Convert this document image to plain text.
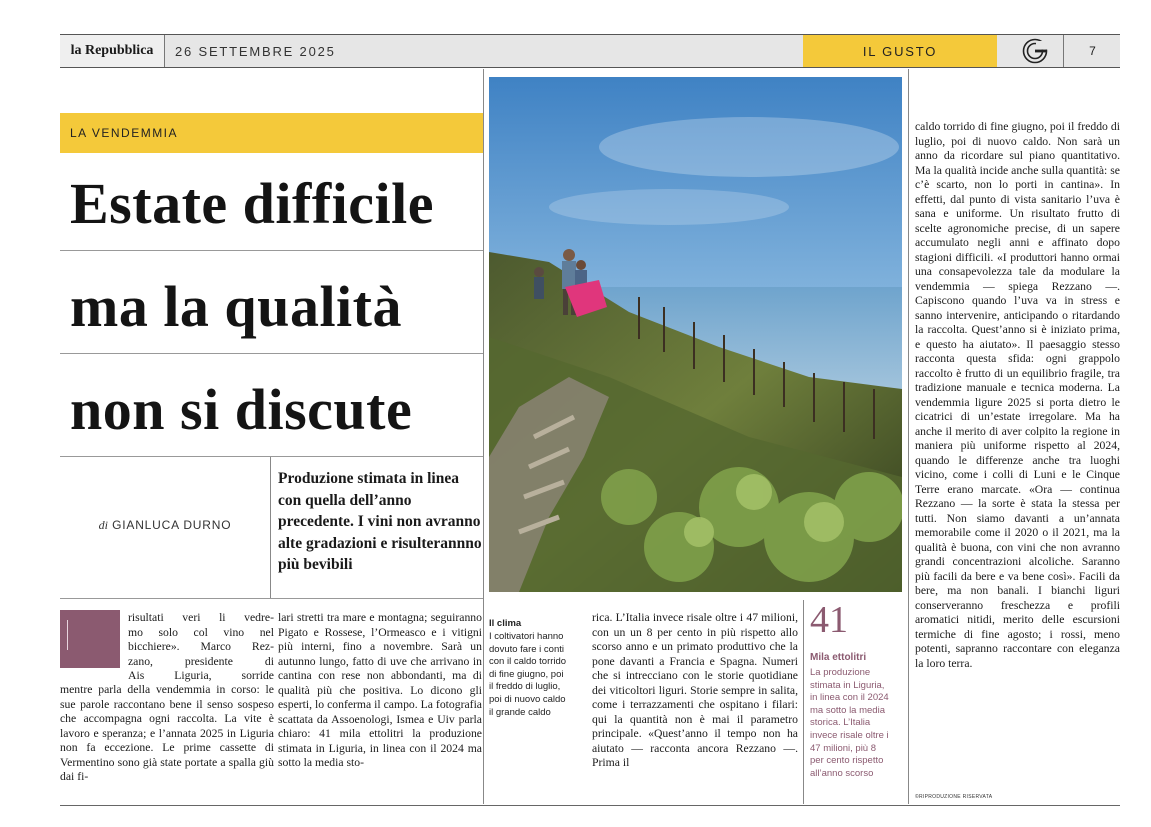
la Repubblica	26 SETTEMBRE 2025	IL GUSTO	7
LA VENDEMMIA
Estate difficile
ma la qualità
non si discute
di GIANLUCA DURNO
Produzione stimata in linea con quella dell’anno precedente. I vini non avranno alte gradazioni e risulterannno più bevibili

risultati veri li vedre-

mo solo col vino nel

bicchiere». Marco Rez-

zano, presidente di

Ais Liguria, sorride

mentre parla della vendemmia in corso: le sue parole raccontano bene il senso sospeso che accompagna ogni raccolta. La vite è lavoro e speranza; e l’annata 2025 in Liguria non fa eccezione. Le prime cassette di Vermentino sono già state portate a spalla giù dai fi-

lari stretti tra mare e montagna; seguiranno Pigato e Rossese, l’Ormeasco e i vitigni più interni, fino a novembre. Sarà un autunno lungo, fatto di uve che arrivano in cantina con rese non abbondanti, ma di qualità più che positiva. Lo dicono gli esperti, lo conferma il campo. La fotografia scattata da Assoenologi, Ismea e Uiv parla chiaro: 41 mila ettolitri la produzione stimata in Liguria, in linea con il 2024 ma sotto la media sto-

Il clima
I coltivatori hanno
dovuto fare i conti
con il caldo torrido
di fine giugno, poi
il freddo di luglio,
poi di nuovo caldo
il grande caldo

rica. L’Italia invece risale oltre i 47 milioni, con un un 8 per cento in più rispetto allo scorso anno e un primato produttivo che la pone davanti a Francia e Spagna. Numeri che si intrecciano con le storie quotidiane dei viticoltori liguri. Storie sempre in salita, come i terrazzamenti che ospitano i filari: qui la quantità non è mai il parametro principale. «Quest’anno il tempo non ha aiutato — racconta ancora Rezzano —. Prima il

41
Mila ettolitri
La produzione
stimata in Liguria,
in linea con il 2024
ma sotto la media
storica. L’Italia
invece risale oltre i
47 milioni, più 8
per cento rispetto
all’anno scorso

caldo torrido di fine giugno, poi il freddo di luglio, poi di nuovo caldo. Non sarà un anno da ricordare sul piano quantitativo. Ma la qualità incide anche sulla quantità: se c’è scarto, non lo porti in cantina». In effetti, dal punto di vista sanitario l’uva è sana e uniforme. Un risultato frutto di scelte agronomiche precise, di un sapere accumulato negli anni e affinato dopo stagioni difficili. «I produttori hanno ormai una consapevolezza tale da modulare la vendemmia — spiega Rezzano —. Capiscono quando l’uva va in stress e sanno intervenire, anticipando o ritardando la raccolta. Quest’anno si è iniziato prima, e questo ha aiutato». Il paesaggio stesso racconta questa sfida: ogni grappolo raccolto è frutto di un equilibrio fragile, tra tradizione manuale e tecnica moderna. La vendemmia ligure 2025 si porta dietro le cicatrici di un’estate irregolare. Ma ha anche il merito di aver colpito la regione in maniera più uniforme rispetto al 2024, quando le differenze anche tra luoghi vicino, come i colli di Luni e le Cinque Terre erano marcate. «Ora — continua Rezzano — la sorte è stata la stessa per tutti. Non siamo davanti a un’annata memorabile come il 2020 o il 2021, ma la qualità è buona, con vini che non avranno grandi concentrazioni alcoliche. Saranno più facili da bere e va bene così». Facili da bere, ma non banali. I bianchi liguri conserveranno freschezza e profili aromatici nitidi, merito delle escursioni termiche di fine agosto; i rossi, meno potenti, sapranno raccontare con eleganza la loro terra.

©RIPRODUZIONE RISERVATA
